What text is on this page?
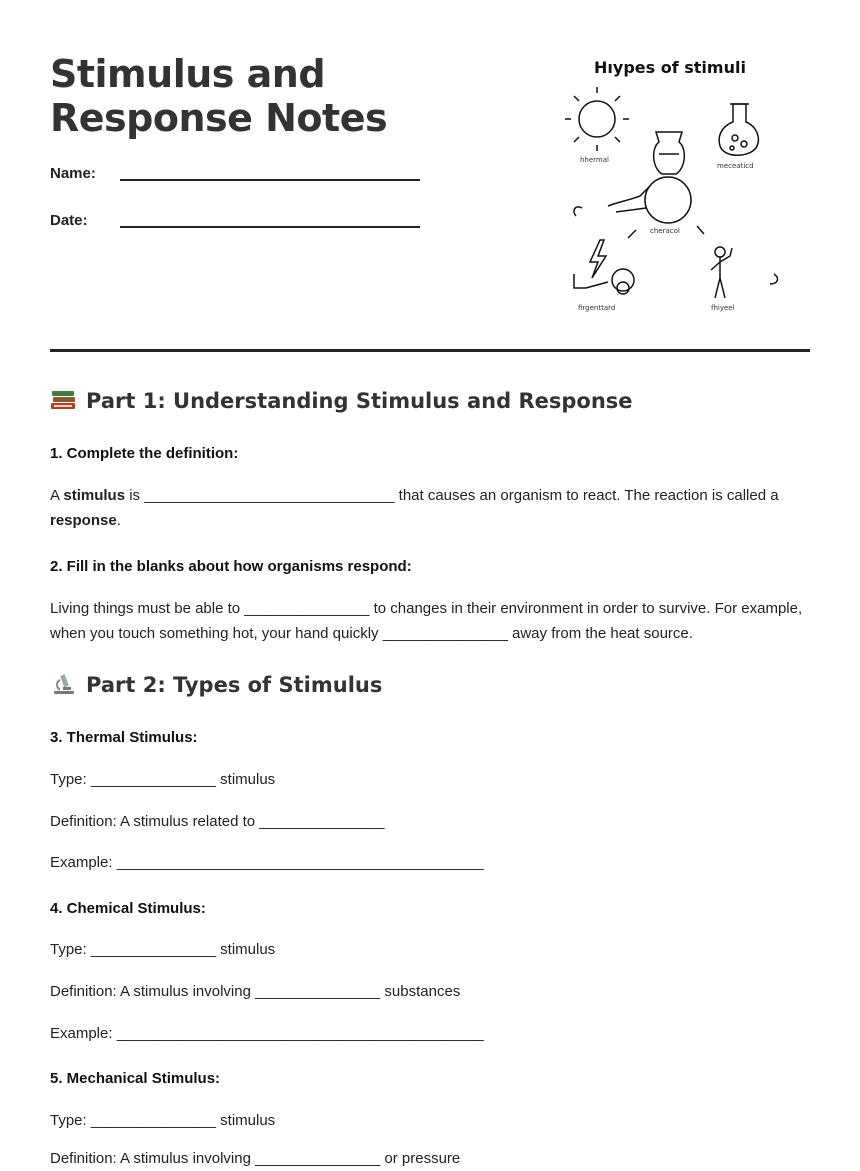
Stimulus and Response Notes
Name:
Date:
Hıypes of stimuli
hhermal
meceaticd
cheracol
firgenttard	fhiyeel
Part 1: Understanding Stimulus and Response
1. Complete the definition:
A stimulus is ______________________________ that causes an organism to react. The reaction is called a response.
2. Fill in the blanks about how organisms respond:
Living things must be able to _______________ to changes in their environment in order to survive. For example, when you touch something hot, your hand quickly _______________ away from the heat source.
Part 2: Types of Stimulus
3. Thermal Stimulus:
Type: _______________ stimulus
Definition: A stimulus related to _______________
Example: ____________________________________________
4. Chemical Stimulus:
Type: _______________ stimulus
Definition: A stimulus involving _______________ substances
Example: ____________________________________________
5. Mechanical Stimulus:
Type: _______________ stimulus
Definition: A stimulus involving _______________ or pressure
